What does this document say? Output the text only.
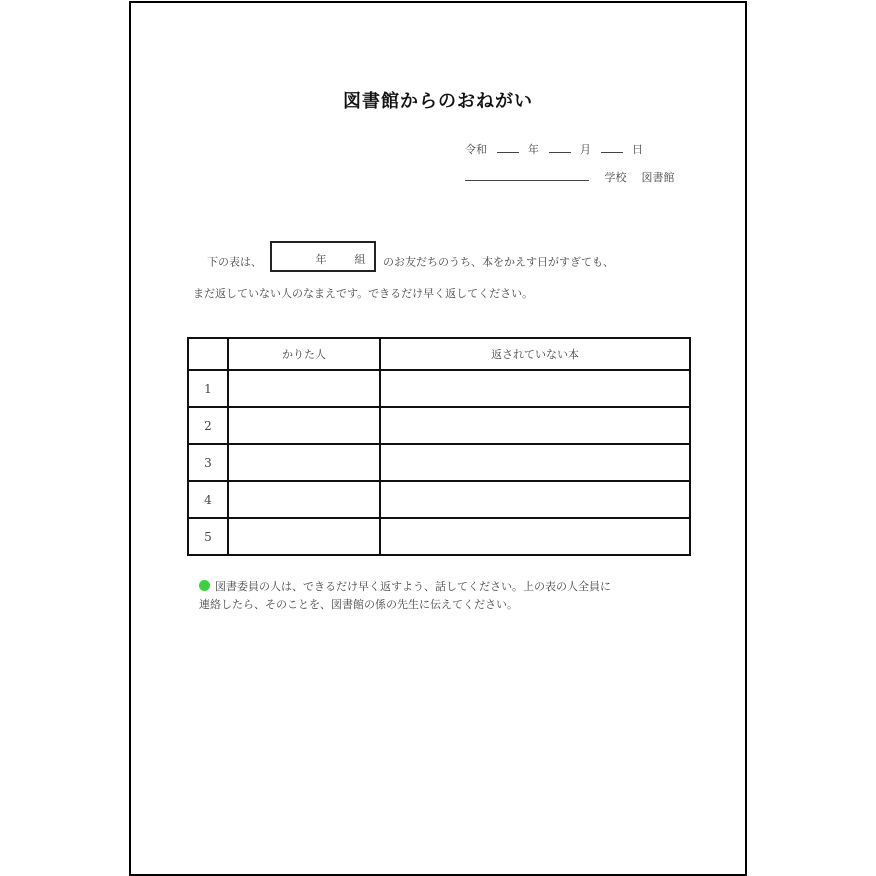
図書館からのおねがい
令和	年	月	日
学校 図書館
下の表は、	年	組 のお友だちのうち、本をかえす日がすぎても、
まだ返していない人のなまえです。できるだけ早く返してください。
	かりた人	返されていない本
1		
2		
3		
4		
5		
図書委員の人は、できるだけ早く返すよう、話してください。上の表の人全員に
連絡したら、そのことを、図書館の係の先生に伝えてください。
